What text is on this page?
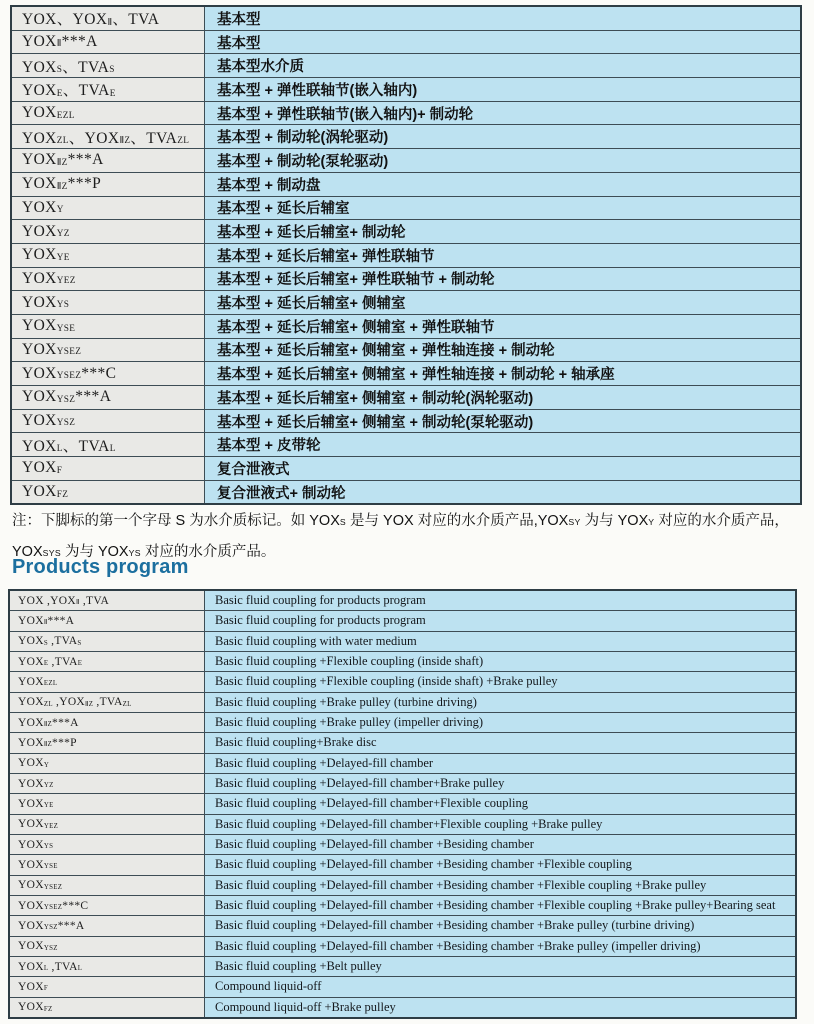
YOX、$YOX_Ⅱ$、TVA	基本型
$YOX_Ⅱ***A$	基本型
$YOX_S$、$TVA_S$	基本型水介质
$YOX_E$、$TVA_E$	基本型 + 弹性联轴节(嵌入轴内)
$YOX_{EZL}$	基本型 + 弹性联轴节(嵌入轴内)+ 制动轮
$YOX_{ZL}$、$YOX_{ⅡZ}$、$TVA_{ZL}$	基本型 + 制动轮(涡轮驱动)
$YOX_{ⅡZ}***A$	基本型 + 制动轮(泵轮驱动)
$YOX_{ⅡZ}***P$	基本型 + 制动盘
$YOX_Y$	基本型 + 延长后辅室
$YOX_{YZ}$	基本型 + 延长后辅室+ 制动轮
$YOX_{YE}$	基本型 + 延长后辅室+ 弹性联轴节
$YOX_{YEZ}$	基本型 + 延长后辅室+ 弹性联轴节 + 制动轮
$YOX_{YS}$	基本型 + 延长后辅室+ 侧辅室
$YOX_{YSE}$	基本型 + 延长后辅室+ 侧辅室 + 弹性联轴节
$YOX_{YSEZ}$	基本型 + 延长后辅室+ 侧辅室 + 弹性轴连接 + 制动轮
$YOX_{YSEZ}***C$	基本型 + 延长后辅室+ 侧辅室 + 弹性轴连接 + 制动轮 + 轴承座
$YOX_{YSZ}***A$	基本型 + 延长后辅室+ 侧辅室 + 制动轮(涡轮驱动)
$YOX_{YSZ}$	基本型 + 延长后辅室+ 侧辅室 + 制动轮(泵轮驱动)
$YOX_L$、$TVA_L$	基本型 + 皮带轮
$YOX_F$	复合泄液式
$YOX_{FZ}$	复合泄液式+ 制动轮
注：下脚标的第一个字母 S 为水介质标记。如 $YOX_S$ 是与 YOX 对应的水介质产品$,YOX_{SY}$ 为与 $YOX_Y$ 对应的水介质产品，
$YOX_{SYS}$ 为与 $YOX_{YS}$ 对应的水介质产品。
Products program
YOX $,YOX_Ⅱ$ ,TVA	Basic fluid coupling for products program
$YOX_Ⅱ***A$	Basic fluid coupling for products program
$YOX_S$ $,TVA_S$	Basic fluid coupling with water medium
$YOX_E$ $,TVA_E$	Basic fluid coupling +Flexible coupling (inside shaft)
$YOX_{EZL}$	Basic fluid coupling +Flexible coupling (inside shaft) +Brake pulley
$YOX_{ZL}$ $,YOX_{ⅡZ}$ $,TVA_{ZL}$	Basic fluid coupling +Brake pulley (turbine driving)
$YOX_{ⅡZ}***A$	Basic fluid coupling +Brake pulley (impeller driving)
$YOX_{ⅡZ}***P$	Basic fluid coupling+Brake disc
$YOX_Y$	Basic fluid coupling +Delayed-fill chamber
$YOX_{YZ}$	Basic fluid coupling +Delayed-fill chamber+Brake pulley
$YOX_{YE}$	Basic fluid coupling +Delayed-fill chamber+Flexible coupling
$YOX_{YEZ}$	Basic fluid coupling +Delayed-fill chamber+Flexible coupling +Brake pulley
$YOX_{YS}$	Basic fluid coupling +Delayed-fill chamber +Besiding chamber
$YOX_{YSE}$	Basic fluid coupling +Delayed-fill chamber +Besiding chamber +Flexible coupling
$YOX_{YSEZ}$	Basic fluid coupling +Delayed-fill chamber +Besiding chamber +Flexible coupling +Brake pulley
$YOX_{YSEZ}***C$	Basic fluid coupling +Delayed-fill chamber +Besiding chamber +Flexible coupling +Brake pulley+Bearing seat
$YOX_{YSZ}***A$	Basic fluid coupling +Delayed-fill chamber +Besiding chamber +Brake pulley (turbine driving)
$YOX_{YSZ}$	Basic fluid coupling +Delayed-fill chamber +Besiding chamber +Brake pulley (impeller driving)
$YOX_L$ $,TVA_L$	Basic fluid coupling +Belt pulley
$YOX_F$	Compound liquid-off
$YOX_{FZ}$	Compound liquid-off +Brake pulley
